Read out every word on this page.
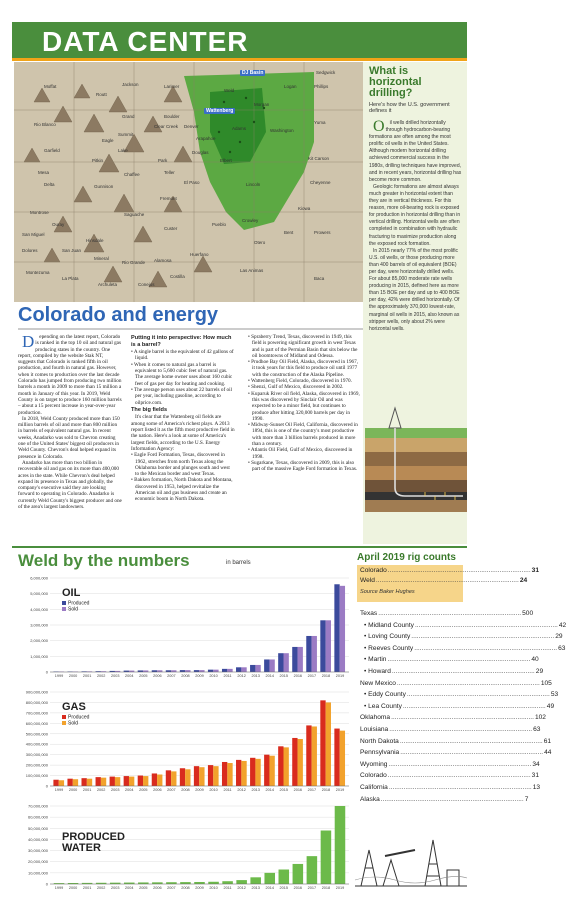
DATA CENTER
DJ Basin
Wattenberg
Moffat
Routt
Jackson	Larimer
Weld
Logan
Sedgwick
Phillips
Rio Blanco
Grand	Boulder
Morgan
Yuma
Garfield
Eagle
Summit
Clear Creek Denver	Adams	Washington
Mesa
Pitkin
Lake
Park
Douglas
Arapahoe
Elbert	Kit Carson
Delta	Gunnison
Chaffee	Teller
El Paso	Lincoln	Cheyenne
Montrose
Ouray
Saguache
Fremont
Pueblo
Crowley
Kiowa
San Miguel
Hinsdale
Custer
Otero
Bent	Prowers
Dolores	San Juan
Mineral
Rio Grande Alamosa
Huerfano
Las Animas
Baca
Montezuma
La Plata
Archuleta	Conejos
Costilla
What is horizontal drilling?
Here's how the U.S. government defines it

O il wells drilled horizontally through hydrocarbon-bearing formations are often among the most prolific oil wells in the United States. Although modern horizontal drilling achieved commercial success in the 1980s, drilling techniques have improved, and in recent years, horizontal drilling has become more common.

Geologic formations are almost always much greater in horizontal extent than they are in vertical thickness. For this reason, more oil-bearing rock is exposed for production in horizontal drilling than in vertical drilling. Horizontal wells are often completed in combination with hydraulic fracturing to maximize production along the exposed rock formation.

In 2015 nearly 77% of the most prolific U.S. oil wells, or those producing more than 400 barrels of oil equivalent (BOE) per day, were horizontally drilled wells. For about 85,000 moderate rate wells producing in 2015, defined here as more than 15 BOE per day and up to 400 BOE per day, 42% were drilled horizontally. Of the approximately 370,000 lowest-rate, marginal oil wells in 2015, also known as stripper wells, only about 2% were horizontal wells.

Colorado and energy

Depending on the latest report, Colorado is ranked in the top 10 oil and natural gas producing states in the country. One report, compiled by the website Stak NT, suggests that Colorado is ranked fifth in oil production, and fourth in natural gas. However, when it comes to production over the last decade Colorado has jumped from producing two million barrels a month in 2009 to more than 15 million a month in January of this year. In 2019, Weld County is on target to produce 160 million barrels – about a 15 percent increase in year-over-year production.

In 2018, Weld County produced more than 150 million barrels of oil and more than 800 million in barrels of equivalent natural gas. In recent weeks, Anadarko was sold to Chevron creating one of the United States' biggest oil producers in Weld County. Chevron's deal helped expand its presence in Colorado.

Anadarko has more than two billion in recoverable oil and gas on its more than 400,000 acres in the state. While Chevron's deal helped expand its presence in Texas and globally, the company's executive said they are looking forward to operating in Colorado. Anadarko is currently Weld County's biggest producer and one of the area's largest landowners.

Putting it into perspective: How much is a barrel?
• A single barrel is the equivalent of 42 gallons of liquid.
• When it comes to natural gas a barrel is equivalent to 5,600 cubic feet of natural gas. The average home owner uses about 160 cubic feet of gas per day for heating and cooking.
• The average person uses about 22 barrels of oil per year, including gasoline, according to oilprice.com.
The big fields

It's clear that the Wattenberg oil fields are among some of America's richest plays. A 2013 report listed it as the fifth most productive field in the nation. Here's a look at some of America's largest fields, according to the U.S. Energy Information Agency:

• Eagle Ford Formation, Texas, discovered in 1962, stretches from north Texas along the Oklahoma border and plunges south and west to the Mexican border and west Texas.
• Bakken formation, North Dakota and Montana, discovered in 1953, helped revitalize the American oil and gas business and create an economic boom in North Dakota.
• Spraberry Trend, Texas, discovered in 1949, this field is powering significant growth in west Texas and is part of the Permian Basin that sits below the oil boomtowns of Midland and Odessa.
• Prudhoe Bay Oil Field, Alaska, discovered in 1967, it took years for this field to produce oil until 1977 with the construction of the Alaska Pipeline.
• Wattenberg Field, Colorado, discovered in 1970.
• Shenzi, Gulf of Mexico, discovered in 2002.
• Kuparuk River oil field, Alaska, discovered in 1969, this was discovered by Sinclair Oil and was expected to be a minor field, but continues to produce after hitting 320,000 barrels per day in 1990.
• Midway-Sunset Oil Field, California, discovered in 1894, this is one of the country's most productive with more than 3 billion barrels produced in more than a century.
• Atlantis Oil Field, Gulf of Mexico, discovered in 1998.
• Sugarkane, Texas, discovered in 2009, this is also part of the massive Eagle Ford formation in Texas.
Weld by the numbers	in barrels
0
1,000,000
2,000,000
3,000,000
4,000,000
5,000,000
6,000,000
1999 2000 2001 2002 2003 2004 2005 2006 2007 2008 2009 2010 2011 2012 2013 2014 2015 2016 2017 2018 2019
OIL
Produced
Sold
0
100,000,000
200,000,000
300,000,000
400,000,000
500,000,000
600,000,000
700,000,000
800,000,000
900,000,000
1999 2000 2001 2002 2003 2004 2005 2006 2007 2008 2009 2010 2011 2012 2013 2014 2015 2016 2017 2018 2019
GAS
Produced
Sold
0
10,000,000
20,000,000
30,000,000
40,000,000
50,000,000
60,000,000
70,000,000
1999 2000 2001 2002 2003 2004 2005 2006 2007 2008 2009 2010 2011 2012 2013 2014 2015 2016 2017 2018 2019
PRODUCED
WATER
April 2019 rig counts
Colorado .............................................................................. 31
Weld .............................................................................. 24
Source Baker Hughes
Texas .............................................................................. 500
• Midland County .............................................................................. 42
• Loving County .............................................................................. 29
• Reeves County .............................................................................. 63
• Martin .............................................................................. 40
• Howard .............................................................................. 29
New Mexico .............................................................................. 105
• Eddy County .............................................................................. 53
• Lea County .............................................................................. 49
Oklahoma .............................................................................. 102
Louisiana .............................................................................. 63
North Dakota .............................................................................. 61
Pennsylvania .............................................................................. 44
Wyoming .............................................................................. 34
Colorado .............................................................................. 31
California .............................................................................. 13
Alaska .............................................................................. 7
